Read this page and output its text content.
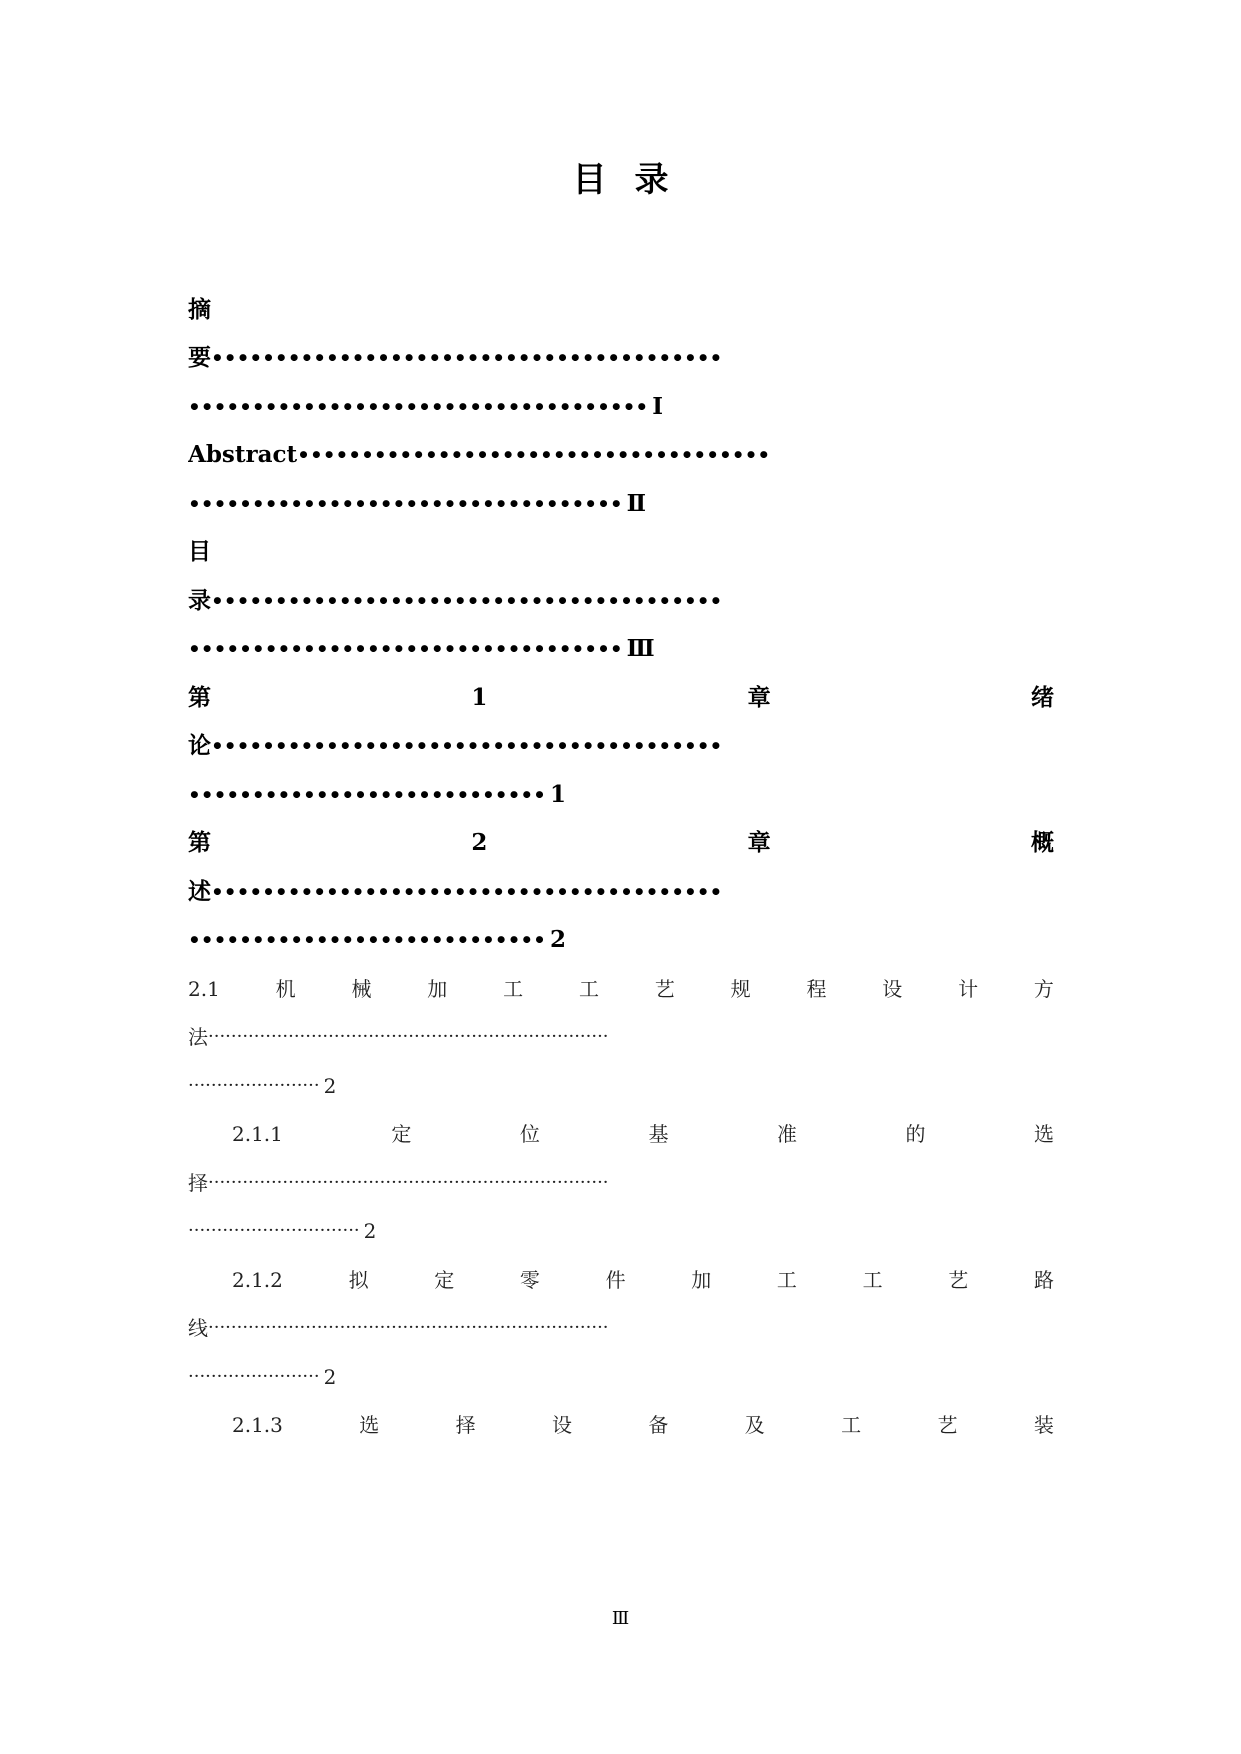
目 录
摘
要 ••••••••••••••••••••••••••••••••••••••••
•••••••••••••••••••••••••••••••••••• Ⅰ
Abstract •••••••••••••••••••••••••••••••••••••
•••••••••••••••••••••••••••••••••• Ⅱ
目
录 ••••••••••••••••••••••••••••••••••••••••
•••••••••••••••••••••••••••••••••• Ⅲ
第	1	章	绪
论 ••••••••••••••••••••••••••••••••••••••••
•••••••••••••••••••••••••••• 1
第	2	章	概
述 ••••••••••••••••••••••••••••••••••••••••
•••••••••••••••••••••••••••• 2
2.1	机	械	加	工	工	艺	规	程	设	计	方
法 ······································································
······················· 2
2.1.1	定	位	基	准	的	选
择 ······································································
······························ 2
2.1.2	拟	定	零	件	加	工	工	艺	路
线 ······································································
······················· 2
2.1.3	选	择	设	备	及	工	艺	装
Ⅲ
